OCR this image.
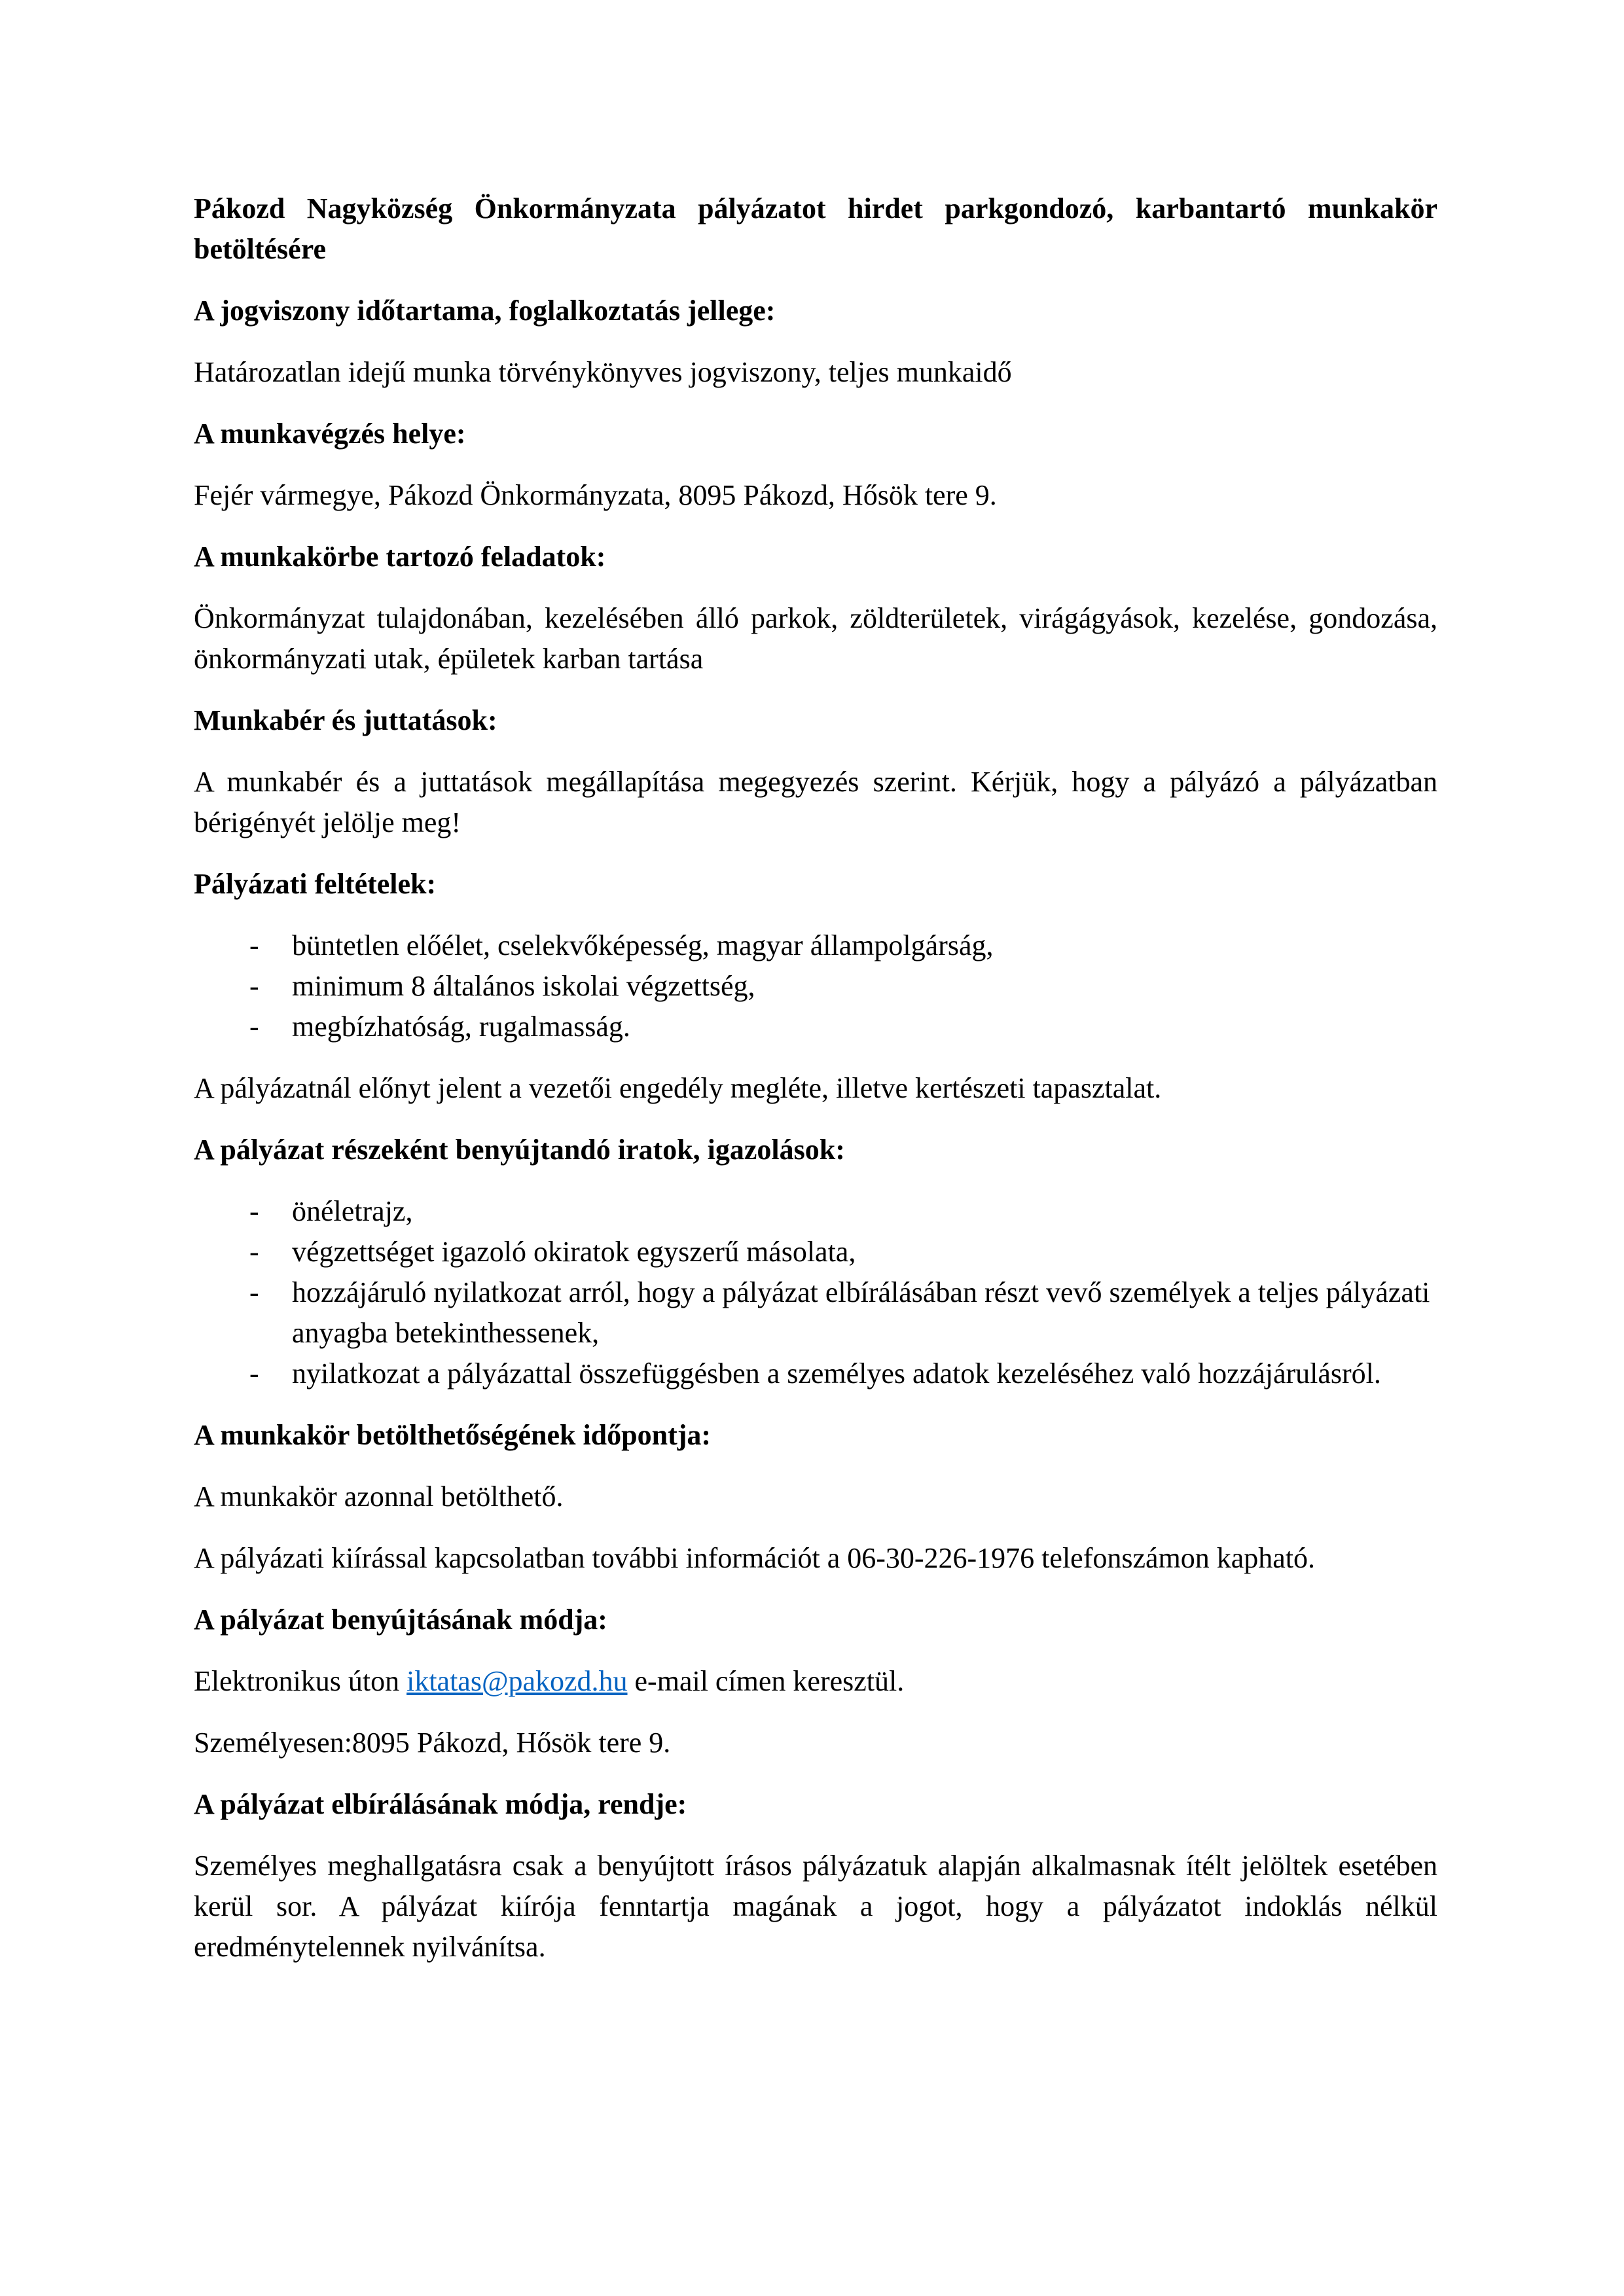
Pákozd Nagyközség Önkormányzata pályázatot hirdet parkgondozó, karbantartó munkakör betöltésére

A jogviszony időtartama, foglalkoztatás jellege:

Határozatlan idejű munka törvénykönyves jogviszony, teljes munkaidő

A munkavégzés helye:

Fejér vármegye, Pákozd Önkormányzata, 8095 Pákozd, Hősök tere 9.

A munkakörbe tartozó feladatok:

Önkormányzat tulajdonában, kezelésében álló parkok, zöldterületek, virágágyások, kezelése, gondozása, önkormányzati utak, épületek karban tartása

Munkabér és juttatások:

A munkabér és a juttatások megállapítása megegyezés szerint. Kérjük, hogy a pályázó a pályázatban bérigényét jelölje meg!

Pályázati feltételek:

- büntetlen előélet, cselekvőképesség, magyar állampolgárság,
- minimum 8 általános iskolai végzettség,
- megbízhatóság, rugalmasság.

A pályázatnál előnyt jelent a vezetői engedély megléte, illetve kertészeti tapasztalat.

A pályázat részeként benyújtandó iratok, igazolások:

- önéletrajz,
- végzettséget igazoló okiratok egyszerű másolata,
- hozzájáruló nyilatkozat arról, hogy a pályázat elbírálásában részt vevő személyek a teljes pályázati anyagba betekinthessenek,
- nyilatkozat a pályázattal összefüggésben a személyes adatok kezeléséhez való hozzájárulásról.

A munkakör betölthetőségének időpontja:

A munkakör azonnal betölthető.

A pályázati kiírással kapcsolatban további információt a 06-30-226-1976 telefonszámon kapható.

A pályázat benyújtásának módja:

Elektronikus úton iktatas@pakozd.hu e-mail címen keresztül.

Személyesen:8095 Pákozd, Hősök tere 9.

A pályázat elbírálásának módja, rendje:

Személyes meghallgatásra csak a benyújtott írásos pályázatuk alapján alkalmasnak ítélt jelöltek esetében kerül sor. A pályázat kiírója fenntartja magának a jogot, hogy a pályázatot indoklás nélkül eredménytelennek nyilvánítsa.
